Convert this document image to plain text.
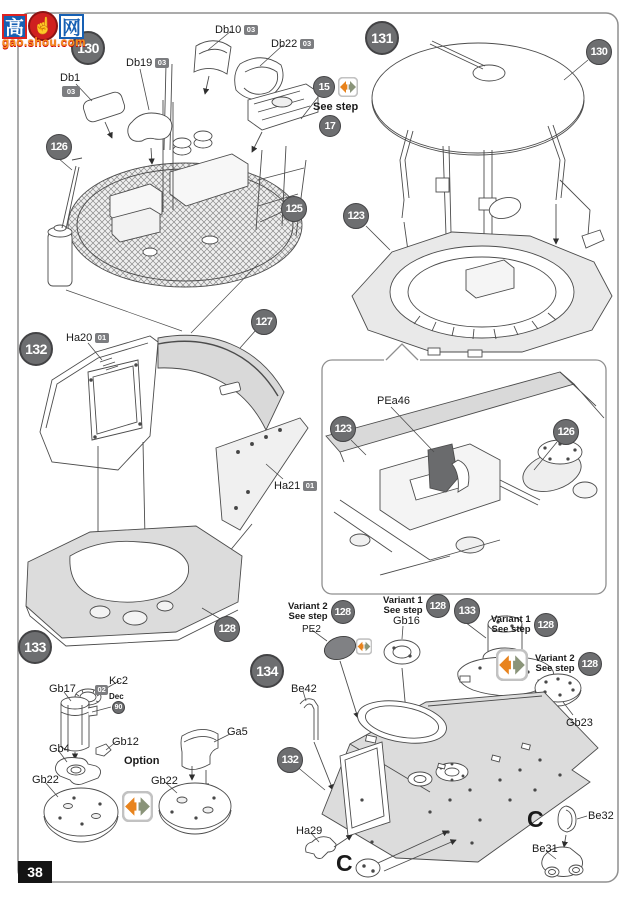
高 ☝ 网
gao.shou.com
130
131
132
133
134
126
125
130
123
127
128
123	126
133
132
15
See step
17
Db10 03
Db22 03
Db19 03
Db1
03
Ha20 01
Ha21 01
PEa46
Kc2
Gb17	02
Dec
90
Gb12
Gb4
Gb22
Option
Ga5
Gb22
PE2
Gb16
Gb23
Be42
Ha29
Be32
Be31
C
C
Variant 2
See step 128
Variant 1
See step 128
Variant 1
See step 128
Variant 2
See step 128
38
